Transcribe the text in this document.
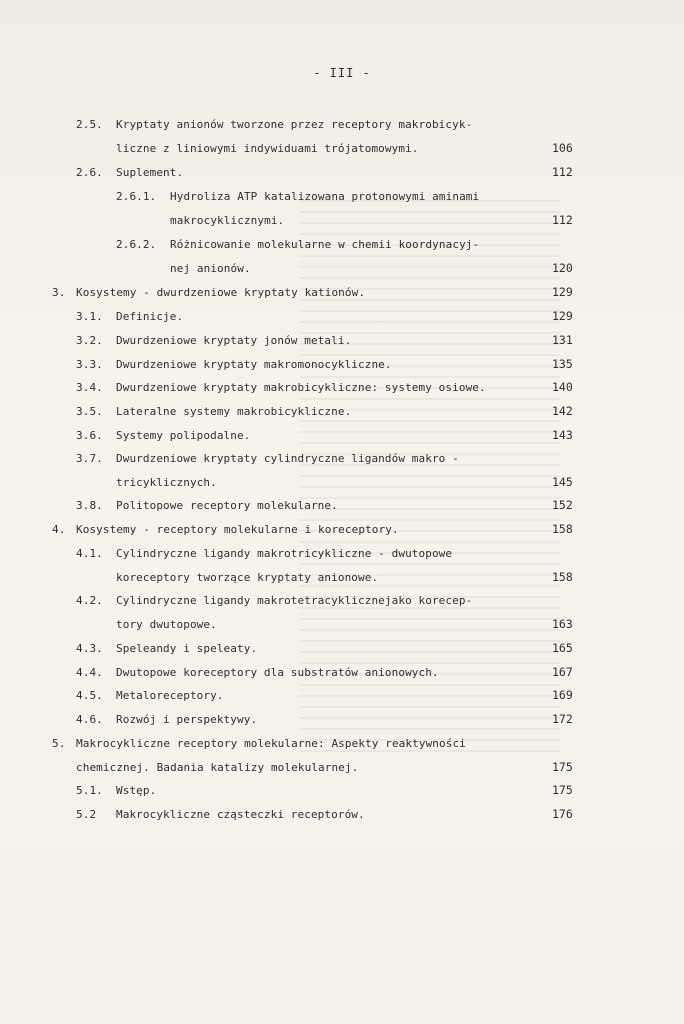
- III -
2.5. Kryptaty anionów tworzone przez receptory makrobicyk-
liczne z liniowymi indywiduami trójatomowymi.	106
2.6. Suplement.	112
2.6.1. Hydroliza ATP katalizowana protonowymi aminami
makrocyklicznymi.	112
2.6.2. Różnicowanie molekularne w chemii koordynacyj-
nej anionów.	120
3. Kosystemy - dwurdzeniowe kryptaty kationów.	129
3.1. Definicje.	129
3.2. Dwurdzeniowe kryptaty jonów metali.	131
3.3. Dwurdzeniowe kryptaty makromonocykliczne.	135
3.4. Dwurdzeniowe kryptaty makrobicykliczne: systemy osiowe.	140
3.5. Lateralne systemy makrobicykliczne.	142
3.6. Systemy polipodalne.	143
3.7. Dwurdzeniowe kryptaty cylindryczne ligandów makro -
tricyklicznych.	145
3.8. Politopowe receptory molekularne.	152
4. Kosystemy - receptory molekularne i koreceptory.	158
4.1. Cylindryczne ligandy makrotricykliczne - dwutopowe
koreceptory tworzące kryptaty anionowe.	158
4.2. Cylindryczne ligandy makrotetracyklicznejako korecep-
tory dwutopowe.	163
4.3. Speleandy i speleaty.	165
4.4. Dwutopowe koreceptory dla substratów anionowych.	167
4.5. Metaloreceptory.	169
4.6. Rozwój i perspektywy.	172
5. Makrocykliczne receptory molekularne: Aspekty reaktywności
chemicznej. Badania katalizy molekularnej.	175
5.1. Wstęp.	175
5.2 Makrocykliczne cząsteczki receptorów.	176
